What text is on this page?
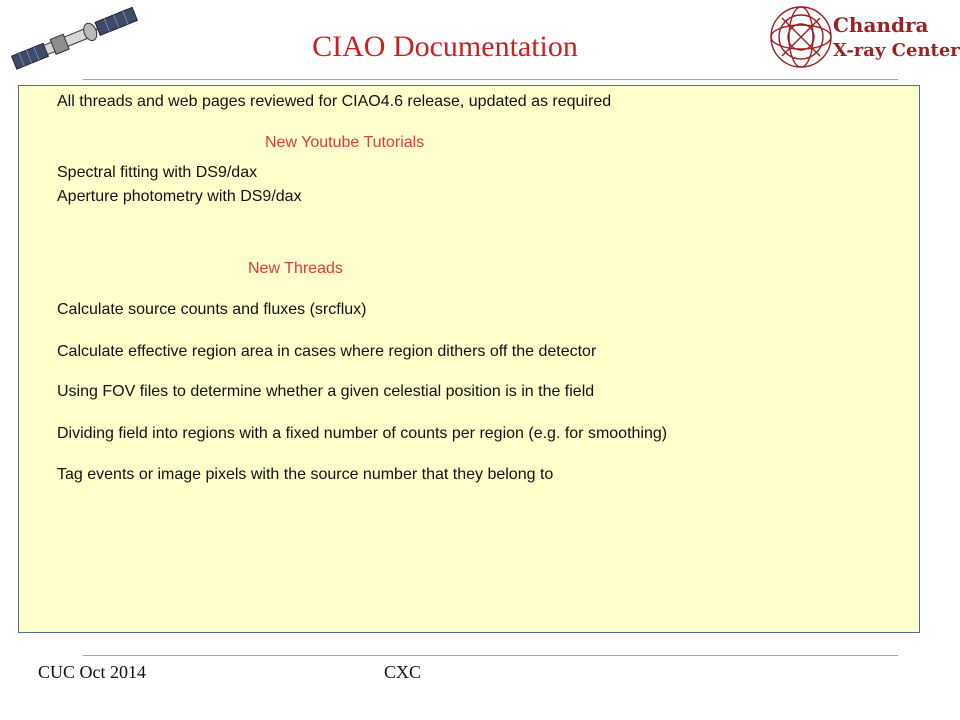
CIAO Documentation
Chandra
X-ray Center
All threads and web pages reviewed for CIAO4.6 release, updated as required
New Youtube Tutorials
Spectral fitting with DS9/dax
Aperture photometry with DS9/dax
New Threads
Calculate source counts and fluxes (srcflux)
Calculate effective region area in cases where region dithers off the detector
Using FOV files to determine whether a given celestial position is in the field
Dividing field into regions with a fixed number of counts per region (e.g. for smoothing)
Tag events or image pixels with the source number that they belong to
CUC Oct 2014	CXC
